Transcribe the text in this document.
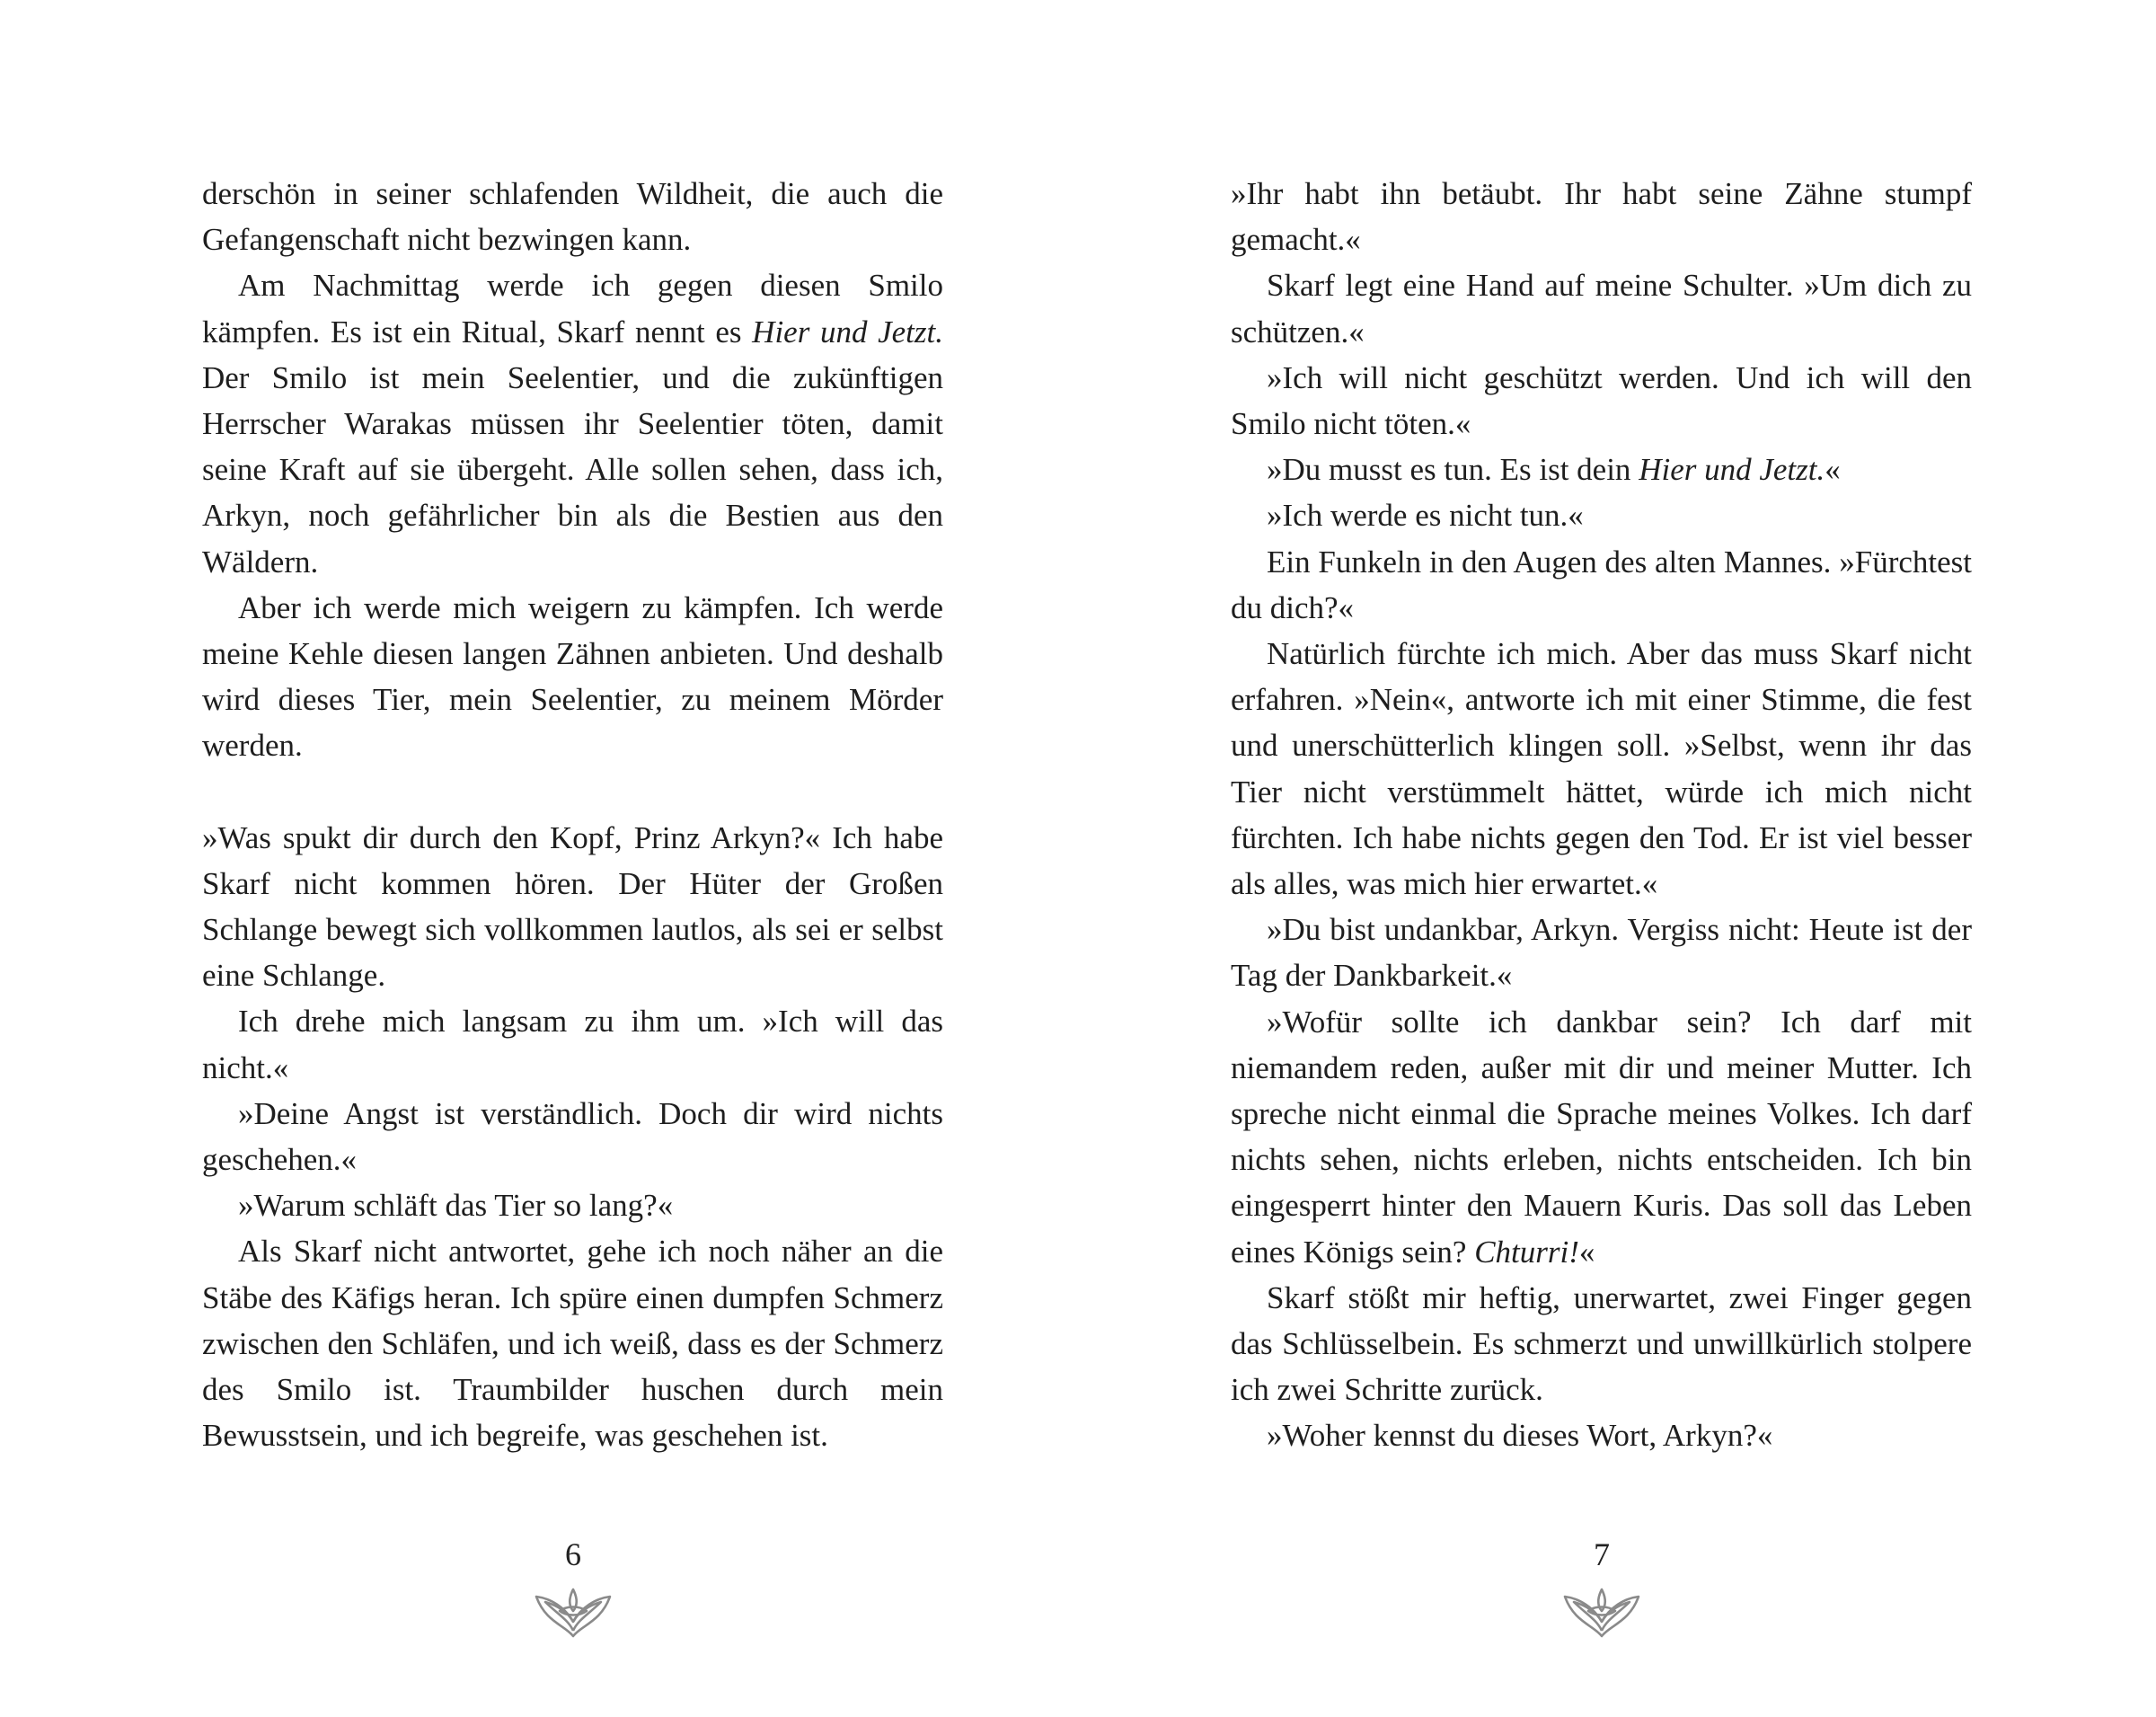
derschön in seiner schlafenden Wildheit, die auch die Gefangenschaft nicht bezwingen kann.

Am Nachmittag werde ich gegen diesen Smilo kämpfen. Es ist ein Ritual, Skarf nennt es Hier und Jetzt. Der Smilo ist mein Seelentier, und die zukünftigen Herrscher Warakas müssen ihr Seelentier töten, damit seine Kraft auf sie übergeht. Alle sollen sehen, dass ich, Arkyn, noch gefährlicher bin als die Bestien aus den Wäldern.

Aber ich werde mich weigern zu kämpfen. Ich werde meine Kehle diesen langen Zähnen anbieten. Und deshalb wird dieses Tier, mein Seelentier, zu meinem Mörder werden.

»Was spukt dir durch den Kopf, Prinz Arkyn?« Ich habe Skarf nicht kommen hören. Der Hüter der Großen Schlange bewegt sich vollkommen lautlos, als sei er selbst eine Schlange.

Ich drehe mich langsam zu ihm um. »Ich will das nicht.«

»Deine Angst ist verständlich. Doch dir wird nichts geschehen.«

»Warum schläft das Tier so lang?«

Als Skarf nicht antwortet, gehe ich noch näher an die Stäbe des Käfigs heran. Ich spüre einen dumpfen Schmerz zwischen den Schläfen, und ich weiß, dass es der Schmerz des Smilo ist. Traumbilder huschen durch mein Bewusstsein, und ich begreife, was geschehen ist.

6

»Ihr habt ihn betäubt. Ihr habt seine Zähne stumpf gemacht.«

Skarf legt eine Hand auf meine Schulter. »Um dich zu schützen.«

»Ich will nicht geschützt werden. Und ich will den Smilo nicht töten.«

»Du musst es tun. Es ist dein Hier und Jetzt.«

»Ich werde es nicht tun.«

Ein Funkeln in den Augen des alten Mannes. »Fürchtest du dich?«

Natürlich fürchte ich mich. Aber das muss Skarf nicht erfahren. »Nein«, antworte ich mit einer Stimme, die fest und unerschütterlich klingen soll. »Selbst, wenn ihr das Tier nicht verstümmelt hättet, würde ich mich nicht fürchten. Ich habe nichts gegen den Tod. Er ist viel besser als alles, was mich hier erwartet.«

»Du bist undankbar, Arkyn. Vergiss nicht: Heute ist der Tag der Dankbarkeit.«

»Wofür sollte ich dankbar sein? Ich darf mit niemandem reden, außer mit dir und meiner Mutter. Ich spreche nicht einmal die Sprache meines Volkes. Ich darf nichts sehen, nichts erleben, nichts entscheiden. Ich bin eingesperrt hinter den Mauern Kuris. Das soll das Leben eines Königs sein? Chturri!«

Skarf stößt mir heftig, unerwartet, zwei Finger gegen das Schlüsselbein. Es schmerzt und unwillkürlich stolpere ich zwei Schritte zurück.

»Woher kennst du dieses Wort, Arkyn?«

7
